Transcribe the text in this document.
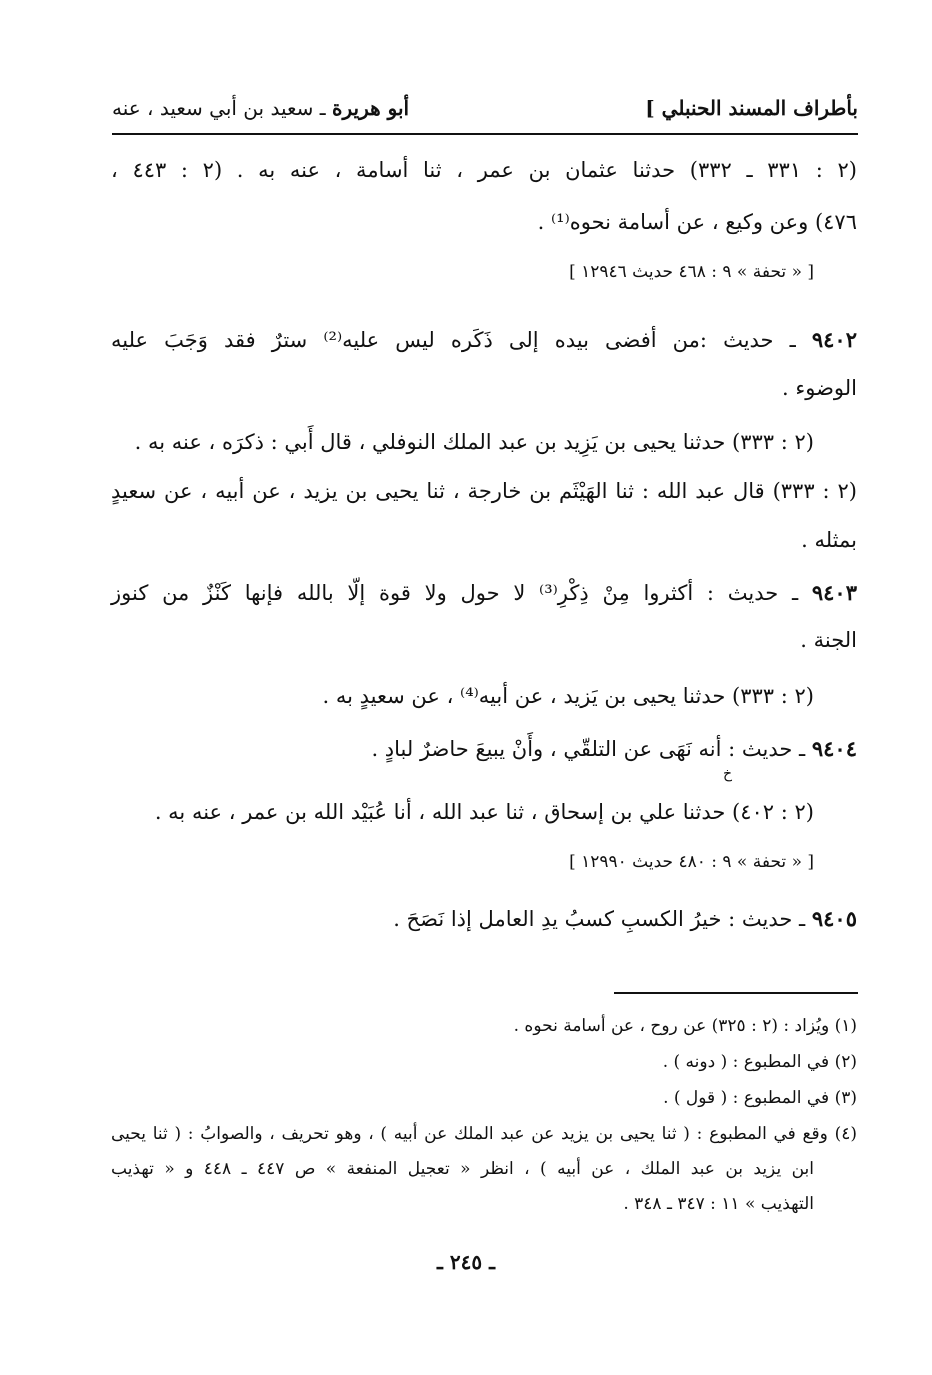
بأطراف المسند الحنبلي ]
أبو هريرة ـ سعيد بن أبي سعيد ، عنه
(٢ : ٣٣١ ـ ٣٣٢) حدثنا عثمان بن عمر ، ثنا أسامة ، عنه به . (٢ : ٤٤٣ ،
٤٧٦) وعن وكيع ، عن أسامة نحوه⁽¹⁾ .
[ « تحفة » ٩ : ٤٦٨ حديث ١٢٩٤٦ ]
٩٤٠٢ ـ حديث :من أفضى بيده إلى ذَكَره ليس عليه⁽²⁾ سترٌ فقد وَجَبَ عليه
الوضوء .
(٢ : ٣٣٣) حدثنا يحيى بن يَزِيد بن عبد الملك النوفلي ، قال أَبي : ذكرَه ، عنه به .
(٢ : ٣٣٣) قال عبد الله : ثنا الهَيْثَم بن خارجة ، ثنا يحيى بن يزيد ، عن أبيه ، عن سعيدٍ
بمثله .
٩٤٠٣ ـ حديث : أكثروا مِنْ ذِكْرِ⁽³⁾ لا حول ولا قوة إلّا بالله فإنها كَنْزٌ من كنوز
الجنة .
(٢ : ٣٣٣) حدثنا يحيى بن يَزيد ، عن أبيه⁽⁴⁾ ، عن سعيدٍ به .
٩٤٠٤ ـ حديث : أنه نَهَى عن التلقّي ، وأَنْ يبيعَ حاضرٌ لبادٍ .
خ
(٢ : ٤٠٢) حدثنا علي بن إسحاق ، ثنا عبد الله ، أنا عُبَيْد الله بن عمر ، عنه به .
[ « تحفة » ٩ : ٤٨٠ حديث ١٢٩٩٠ ]
٩٤٠٥ ـ حديث : خيرُ الكسبِ كسبُ يدِ العامل إذا نَصَحَ .
(١) ويُزاد : (٢ : ٣٢٥) عن روح ، عن أسامة نحوه .
(٢) في المطبوع : ( دونه ) .
(٣) في المطبوع : ( قول ) .
(٤) وقع في المطبوع : ( ثنا يحيى بن يزيد عن عبد الملك عن أبيه ) ، وهو تحريف ، والصوابُ : ( ثنا يحيى
ابن يزيد بن عبد الملك ، عن أبيه ) ، انظر « تعجيل المنفعة » ص ٤٤٧ ـ ٤٤٨ و « تهذيب
التهذيب » ١١ : ٣٤٧ ـ ٣٤٨ .
ـ ٢٤٥ ـ
